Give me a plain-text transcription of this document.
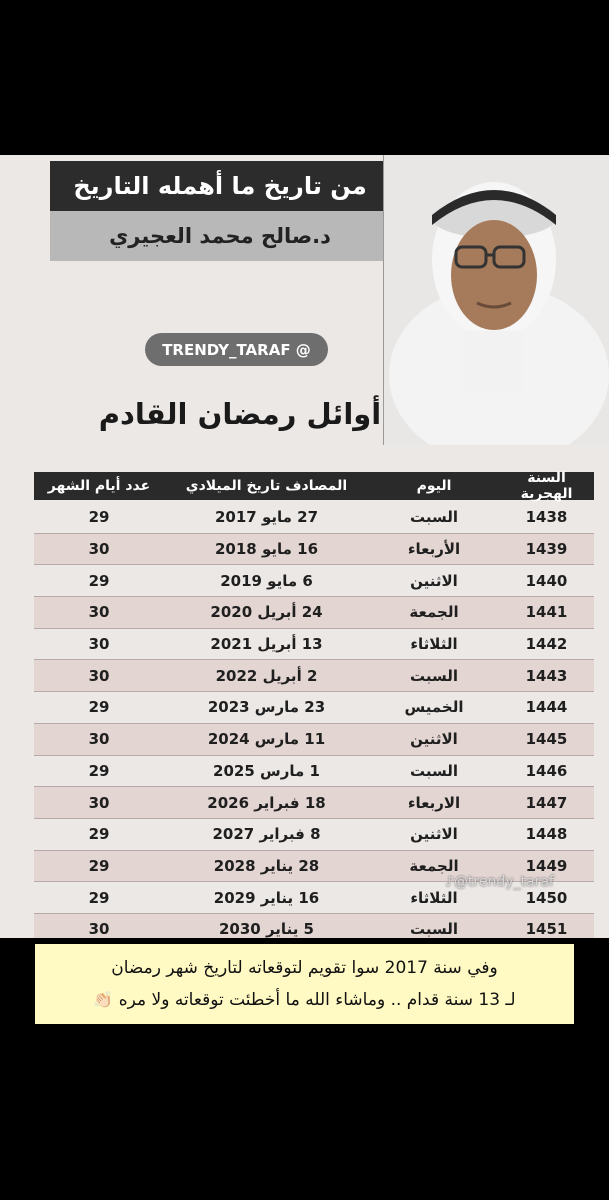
من تاريخ ما أهمله التاريخ
د.صالح محمد العجيري
TRENDY_TARAF @
أوائل رمضان القادم
السنة الهجرية
اليوم
المصادف تاريخ الميلادي
عدد أيام الشهر
1438
السبت
27 مايو 2017
29
1439
الأربعاء
16 مايو 2018
30
1440
الاثنين
6 مايو 2019
29
1441
الجمعة
24 أبريل 2020
30
1442
الثلاثاء
13 أبريل 2021
30
1443
السبت
2 أبريل 2022
30
1444
الخميس
23 مارس 2023
29
1445
الاثنين
11 مارس 2024
30
1446
السبت
1 مارس 2025
29
1447
الاربعاء
18 فبراير 2026
30
1448
الاثنين
8 فبراير 2027
29
1449
الجمعة
28 يناير 2028
29
1450
الثلاثاء
16 يناير 2029
29
1451
السبت
5 يناير 2030
30
♪@trendy_taraf
وفي سنة 2017 سوا تقويم لتوقعاته لتاريخ شهر رمضان
لـ 13 سنة قدام .. وماشاء الله ما أخطئت توقعاته ولا مره 👏🏻
